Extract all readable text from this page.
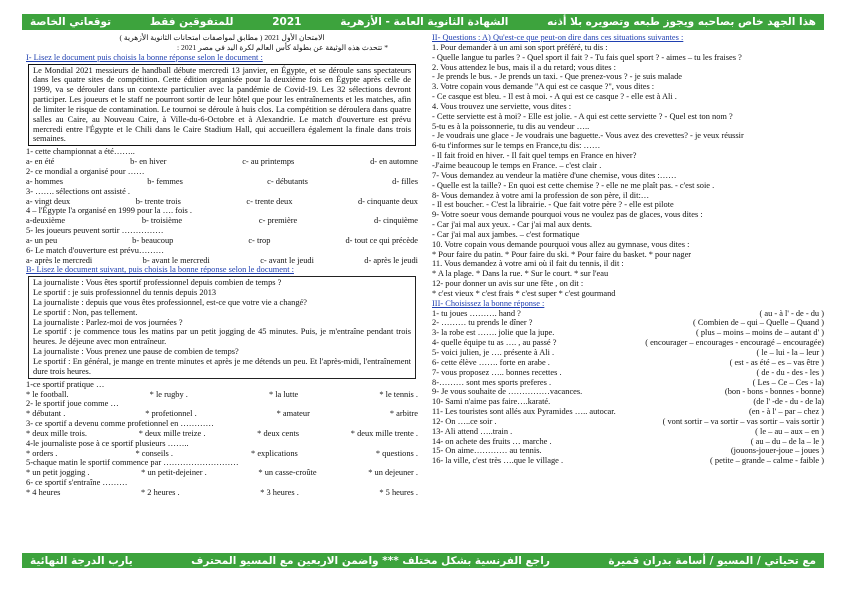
توقعاتي الخاصة	للمتفوقين فقط	2021	الشهادة الثانوية العامة - الأزهرية	هذا الجهد خاص بصاحبه ويجوز طبعه وتصويره بلا أذنه
الامتحان الأول 2021 ( مطابق لمواصفات امتحانات الثانوية الأزهرية )
* تتحدث هذه الوثيقة عن بطولة كأس العالم لكرة اليد في مصر 2021 :
I- Lisez le document puis choisis la bonne réponse selon le document :
Le Mondial 2021 messieurs de handball débute mercredi 13 janvier, en Égypte, et se déroule sans spectateurs dans les quatre sites de compétition. Cette édition organisée pour la deuxième fois en Égypte après celle de 1999, va se dérouler dans un contexte particulier avec la pandémie de Covid-19. Les 32 sélections devront participer. Les joueurs et le staff ne pourront sortir de leur hôtel que pour les entraînements et les matches, afin de limiter le risque de contamination. Le tournoi se déroule à huis clos. La compétition se déroulera dans quatre salles au Caire, au Nouveau Caire, à Ville-du-6-Octobre et à Alexandrie. Le match d'ouverture est prévu mercredi entre l'Égypte et le Chili dans le Caire Stadium Hall, qui accueillera également la finale dans trois semaines.
1- cette championnat a été……..
a- en été	b- en hiver	c- au printemps	d- en automne
2- ce mondial a organisé pour ……
a- hommes	b- femmes	c- débutants	d- filles
3- ……. sélections ont assisté .
a- vingt deux	b- trente trois	c- trente deux	d- cinquante deux
4 – l'Égypte l'a organisé en 1999 pour la …. fois .
a-deuxième	b- troisième	c- première	d- cinquième
5- les joueurs peuvent sortir ……………
a- un peu	b- beaucoup	c- trop	d- tout ce qui précède
6- Le match d'ouverture est prévu………
a- après le mercredi	b- avant le mercredi	c- avant le jeudi	d- après le jeudi
B- Lisez le document suivant, puis choisis la bonne réponse selon le document :
La journaliste : Vous êtes sportif professionnel depuis combien de temps ?
Le sportif : je suis professionnel du tennis depuis 2013
La journaliste : depuis que vous êtes professionnel, est-ce que votre vie a changé?
Le sportif : Non, pas tellement.
La journaliste : Parlez-moi de vos journées ?
Le sportif : je commence tous les matins par un petit jogging de 45 minutes. Puis, je m'entraîne pendant trois heures. Je déjeune avec mon entraîneur.
La journaliste : Vous prenez une pause de combien de temps?
Le sportif : En général, je mange en trente minutes et après je me détends un peu. Et l'après-midi, l'entraînement dure trois heures.
1-ce sportif pratique …
* le football.	* le rugby .	* la lutte	* le tennis .
2- le sportif joue comme …
* débutant .	* profetionnel .	* amateur	* arbitre
3- ce sportif a devenu comme profetionnel en …………
* deux mille trois.	* deux mille treize .	* deux cents	* deux mille trente .
4-le journaliste pose à ce sportif plusieurs ……..
* orders .	* conseils .	* explications	* questions .
5-chaque matin le sportif commence par ………………………
* un petit jogging .	* un petit-dejeiner .	* un casse-croûte	* un dejeuner .
6- ce sportif s'entraîne ………
* 4 heures	* 2 heures .	* 3 heures .	* 5 heures .
II- Questions : A) Qu'est-ce que peut-on dire dans ces situations suivantes :
1. Pour demander à un ami son sport préféré, tu dis :
- Quelle langue tu parles ? - Quel sport il fait ? - Tu fais quel sport ? - aimes – tu les fraises ?
2. Vous attendez le bus, mais il a du retard; vous dites :
- Je prends le bus. - Je prends un taxi. - Que prenez-vous ? - je suis malade
3. Votre copain vous demande "A qui est ce casque ?", vous dites :
- Ce casque est bleu. - Il est à moi. - A qui est ce casque ? - elle est à Ali .
4. Vous trouvez une serviette, vous dites :
- Cette serviette est à moi? - Elle est jolie. - A qui est cette serviette ? - Quel est ton nom ?
5-tu es à la poissonnerie, tu dis au vendeur …..
- Je voudrais une glace - Je voudrais une baguette.- Vous avez des crevettes? - je veux réussir
6-tu t'informes sur le temps en France,tu dis: ……
- Il fait froid en hiver. - Il fait quel temps en France en hiver?
-J'aime beaucoup le temps en France. – c'est clair .
7- Vous demandez au vendeur la matière d'une chemise, vous dites :……
- Quelle est la taille? - En quoi est cette chemise ? - elle ne me plaît pas. - c'est soie .
8- Vous demandez à votre ami la profession de son père, il dit:…
- Il est boucher. - C'est la librairie. - Que fait votre père ? - elle est pilote
9- Votre soeur vous demande pourquoi vous ne voulez pas de glaces, vous dites :
- Car j'ai mal aux yeux. - Car j'ai mal aux dents.
- Car j'ai mal aux jambes. – c'est formatique
10. Votre copain vous demande pourquoi vous allez au gymnase, vous dites :
* Pour faire du patin. * Pour faire du ski. * Pour faire du basket. * pour nager
11. Vous demandez à votre ami où il fait du tennis, il dit :
* A la plage. * Dans la rue. * Sur le court. * sur l'eau
12- pour donner un avis sur une fête , on dit :
* c'est vieux * c'est frais * c'est super * c'est gourmand
III- Choisissez la bonne réponse :
1- tu joues ………. hand ?	( au - à l' - de - du )
2- ……… tu prends le dîner ?	( Combien de – qui – Quelle – Quand )
3- la robe est ……. jolie que la jupe.	( plus – moins – moins de – autant d' )
4- quelle équipe tu as …. , au passé ?	( encourager – encourages - encouragé – encouragée)
5- voici julien, je …. présente à Ali .	( le – lui - la – leur )
6- cette élève ……. forte en arabe .	( est - as été – es – vas être )
7- vous proposez ….. bonnes recettes .	( de - du - des - les )
8-……… sont mes sports preferes .	( Les – Ce – Ces - la)
9- Je vous souhaite de ……………vacances.	(bon - bons - bonnes - bonne)
10- Sami n'aime pas faire….karaté.	(de l' -de - du - de la)
11- Les touristes sont allés aux Pyramides ….. autocar.	(en - à l' – par – chez )
12- On …..ce soir .	( vont sortir – va sortir – vas sortir – vais sortir )
13- Ali attend …..train .	( le – au – aux – en )
14- on achete des fruits … marche .	( au – du – de la – le )
15- On aime………… au tennis.	(jouons-jouer-joue – joues )
16- la ville, c'est très ….que le village .	( petite – grande – calme - faible )
يارب الدرجة النهائية	راجع الفرنسية بشكل مختلف *** واضمن الاربعين مع المسيو المحترف	مع تحياتي / المسيو / أسامة بدران قميرة
